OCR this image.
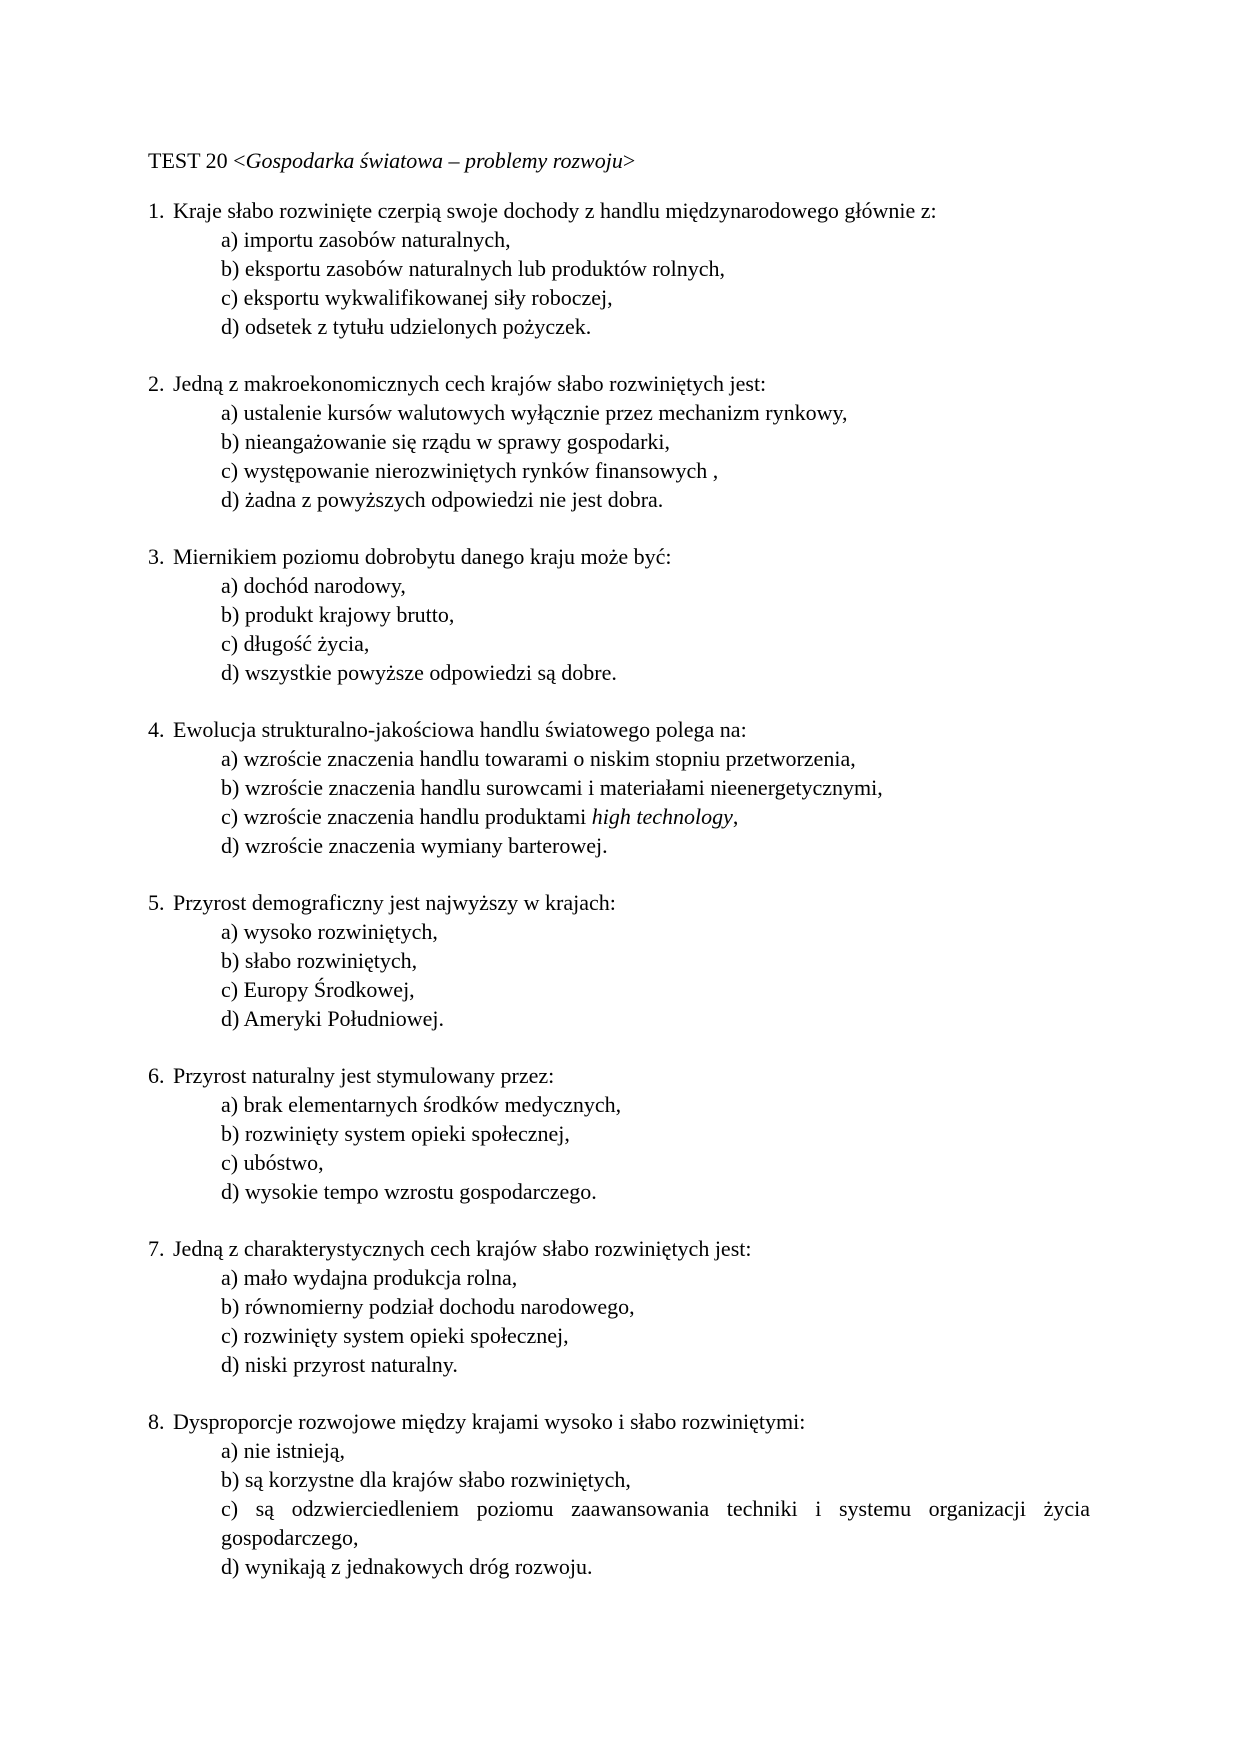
TEST 20 <Gospodarka światowa – problemy rozwoju>
1. Kraje słabo rozwinięte czerpią swoje dochody z handlu międzynarodowego głównie z:
a) importu zasobów naturalnych,
b) eksportu zasobów naturalnych lub produktów rolnych,
c) eksportu wykwalifikowanej siły roboczej,
d) odsetek z tytułu udzielonych pożyczek.
2. Jedną z makroekonomicznych cech krajów słabo rozwiniętych jest:
a) ustalenie kursów walutowych wyłącznie przez mechanizm rynkowy,
b) nieangażowanie się rządu w sprawy gospodarki,
c) występowanie nierozwiniętych rynków finansowych ,
d) żadna z powyższych odpowiedzi nie jest dobra.
3. Miernikiem poziomu dobrobytu danego kraju może być:
a) dochód narodowy,
b) produkt krajowy brutto,
c) długość życia,
d) wszystkie powyższe odpowiedzi są dobre.
4. Ewolucja strukturalno-jakościowa handlu światowego polega na:
a) wzroście znaczenia handlu towarami o niskim stopniu przetworzenia,
b) wzroście znaczenia handlu surowcami i materiałami nieenergetycznymi,
c) wzroście znaczenia handlu produktami high technology,
d) wzroście znaczenia wymiany barterowej.
5. Przyrost demograficzny jest najwyższy w krajach:
a) wysoko rozwiniętych,
b) słabo rozwiniętych,
c) Europy Środkowej,
d) Ameryki Południowej.
6. Przyrost naturalny jest stymulowany przez:
a) brak elementarnych środków medycznych,
b) rozwinięty system opieki społecznej,
c) ubóstwo,
d) wysokie tempo wzrostu gospodarczego.
7. Jedną z charakterystycznych cech krajów słabo rozwiniętych jest:
a) mało wydajna produkcja rolna,
b) równomierny podział dochodu narodowego,
c) rozwinięty system opieki społecznej,
d) niski przyrost naturalny.
8. Dysproporcje rozwojowe między krajami wysoko i słabo rozwiniętymi:
a) nie istnieją,
b) są korzystne dla krajów słabo rozwiniętych,
c) są odzwierciedleniem poziomu zaawansowania techniki i systemu organizacji życia gospodarczego,
d) wynikają z jednakowych dróg rozwoju.
